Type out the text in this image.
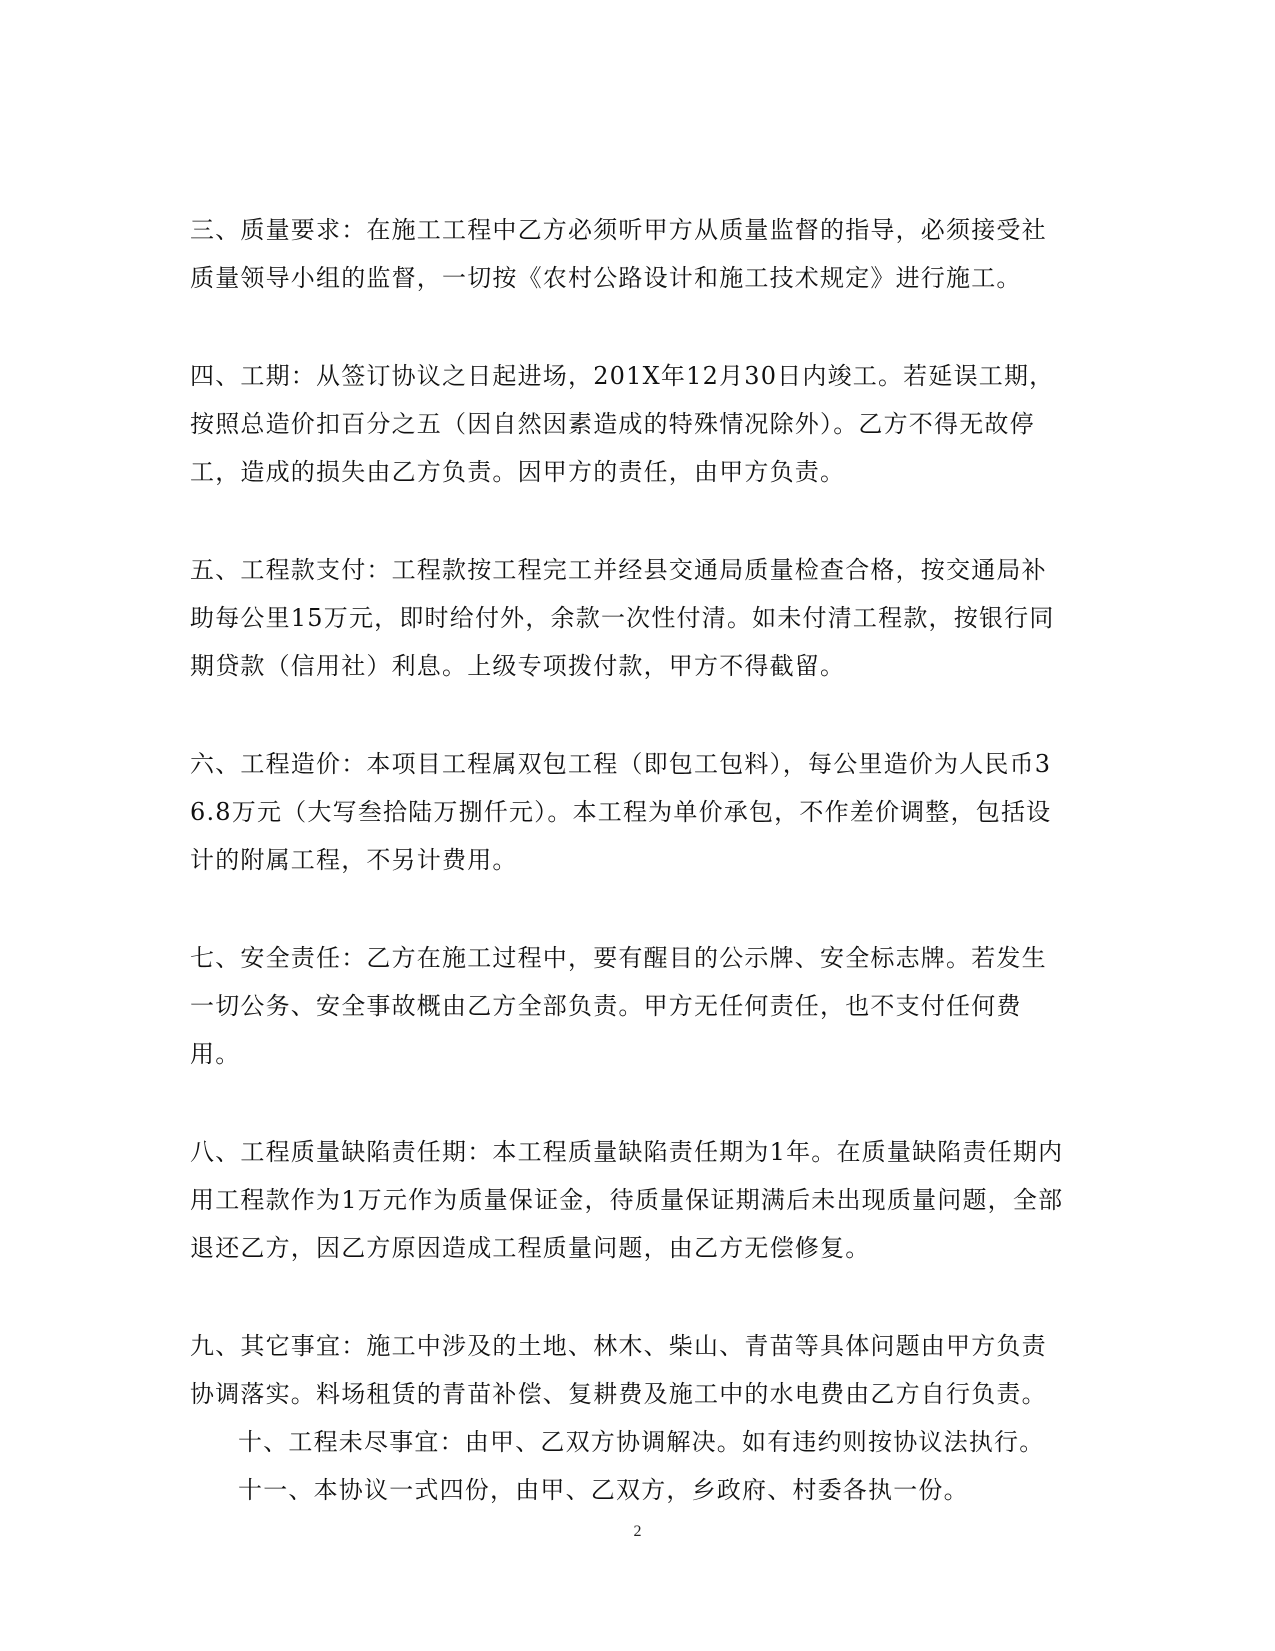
三、质量要求：在施工工程中乙方必须听甲方从质量监督的指导，必须接受社质量领导小组的监督，一切按《农村公路设计和施工技术规定》进行施工。

四、工期：从签订协议之日起进场，201X年12月30日内竣工。若延误工期，按照总造价扣百分之五（因自然因素造成的特殊情况除外）。乙方不得无故停工，造成的损失由乙方负责。因甲方的责任，由甲方负责。

五、工程款支付：工程款按工程完工并经县交通局质量检查合格，按交通局补助每公里15万元，即时给付外，余款一次性付清。如未付清工程款，按银行同期贷款（信用社）利息。上级专项拨付款，甲方不得截留。

六、工程造价：本项目工程属双包工程（即包工包料），每公里造价为人民币36.8万元（大写叁拾陆万捌仟元）。本工程为单价承包，不作差价调整，包括设计的附属工程，不另计费用。

七、安全责任：乙方在施工过程中，要有醒目的公示牌、安全标志牌。若发生一切公务、安全事故概由乙方全部负责。甲方无任何责任，也不支付任何费用。

八、工程质量缺陷责任期：本工程质量缺陷责任期为1年。在质量缺陷责任期内用工程款作为1万元作为质量保证金，待质量保证期满后未出现质量问题，全部退还乙方，因乙方原因造成工程质量问题，由乙方无偿修复。

九、其它事宜：施工中涉及的土地、林木、柴山、青苗等具体问题由甲方负责协调落实。料场租赁的青苗补偿、复耕费及施工中的水电费由乙方自行负责。

十、工程未尽事宜：由甲、乙双方协调解决。如有违约则按协议法执行。

十一、本协议一式四份，由甲、乙双方，乡政府、村委各执一份。

2
